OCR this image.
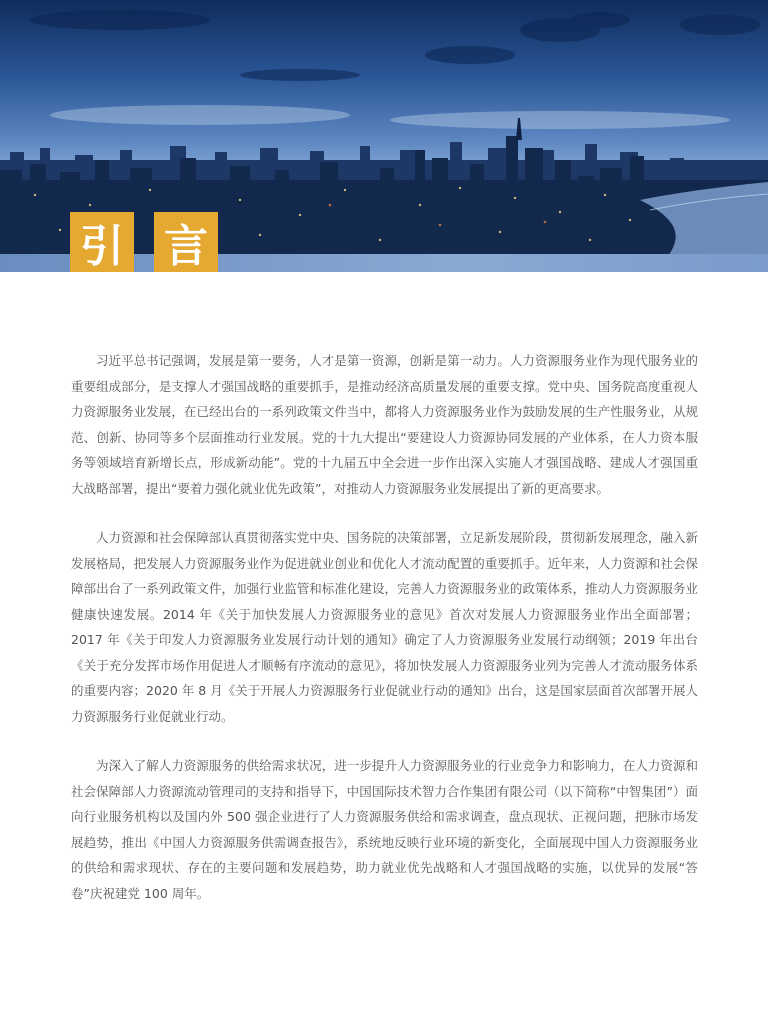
引 言

习近平总书记强调，发展是第一要务，人才是第一资源，创新是第一动力。人力资源服务业作为现代服务业的重要组成部分，是支撑人才强国战略的重要抓手，是推动经济高质量发展的重要支撑。党中央、国务院高度重视人力资源服务业发展，在已经出台的一系列政策文件当中，都将人力资源服务业作为鼓励发展的生产性服务业，从规范、创新、协同等多个层面推动行业发展。党的十九大提出“要建设人力资源协同发展的产业体系，在人力资本服务等领域培育新增长点，形成新动能”。党的十九届五中全会进一步作出深入实施人才强国战略、建成人才强国重大战略部署，提出“要着力强化就业优先政策”，对推动人力资源服务业发展提出了新的更高要求。

人力资源和社会保障部认真贯彻落实党中央、国务院的决策部署，立足新发展阶段，贯彻新发展理念，融入新发展格局，把发展人力资源服务业作为促进就业创业和优化人才流动配置的重要抓手。近年来，人力资源和社会保障部出台了一系列政策文件，加强行业监管和标准化建设，完善人力资源服务业的政策体系，推动人力资源服务业健康快速发展。2014 年《关于加快发展人力资源服务业的意见》首次对发展人力资源服务业作出全面部署；2017 年《关于印发人力资源服务业发展行动计划的通知》确定了人力资源服务业发展行动纲领；2019 年出台《关于充分发挥市场作用促进人才顺畅有序流动的意见》，将加快发展人力资源服务业列为完善人才流动服务体系的重要内容；2020 年 8 月《关于开展人力资源服务行业促就业行动的通知》出台，这是国家层面首次部署开展人力资源服务行业促就业行动。

为深入了解人力资源服务的供给需求状况，进一步提升人力资源服务业的行业竞争力和影响力，在人力资源和社会保障部人力资源流动管理司的支持和指导下，中国国际技术智力合作集团有限公司（以下简称“中智集团”）面向行业服务机构以及国内外 500 强企业进行了人力资源服务供给和需求调查，盘点现状、正视问题，把脉市场发展趋势，推出《中国人力资源服务供需调查报告》，系统地反映行业环境的新变化，全面展现中国人力资源服务业的供给和需求现状、存在的主要问题和发展趋势，助力就业优先战略和人才强国战略的实施，以优异的发展“答卷”庆祝建党 100 周年。
